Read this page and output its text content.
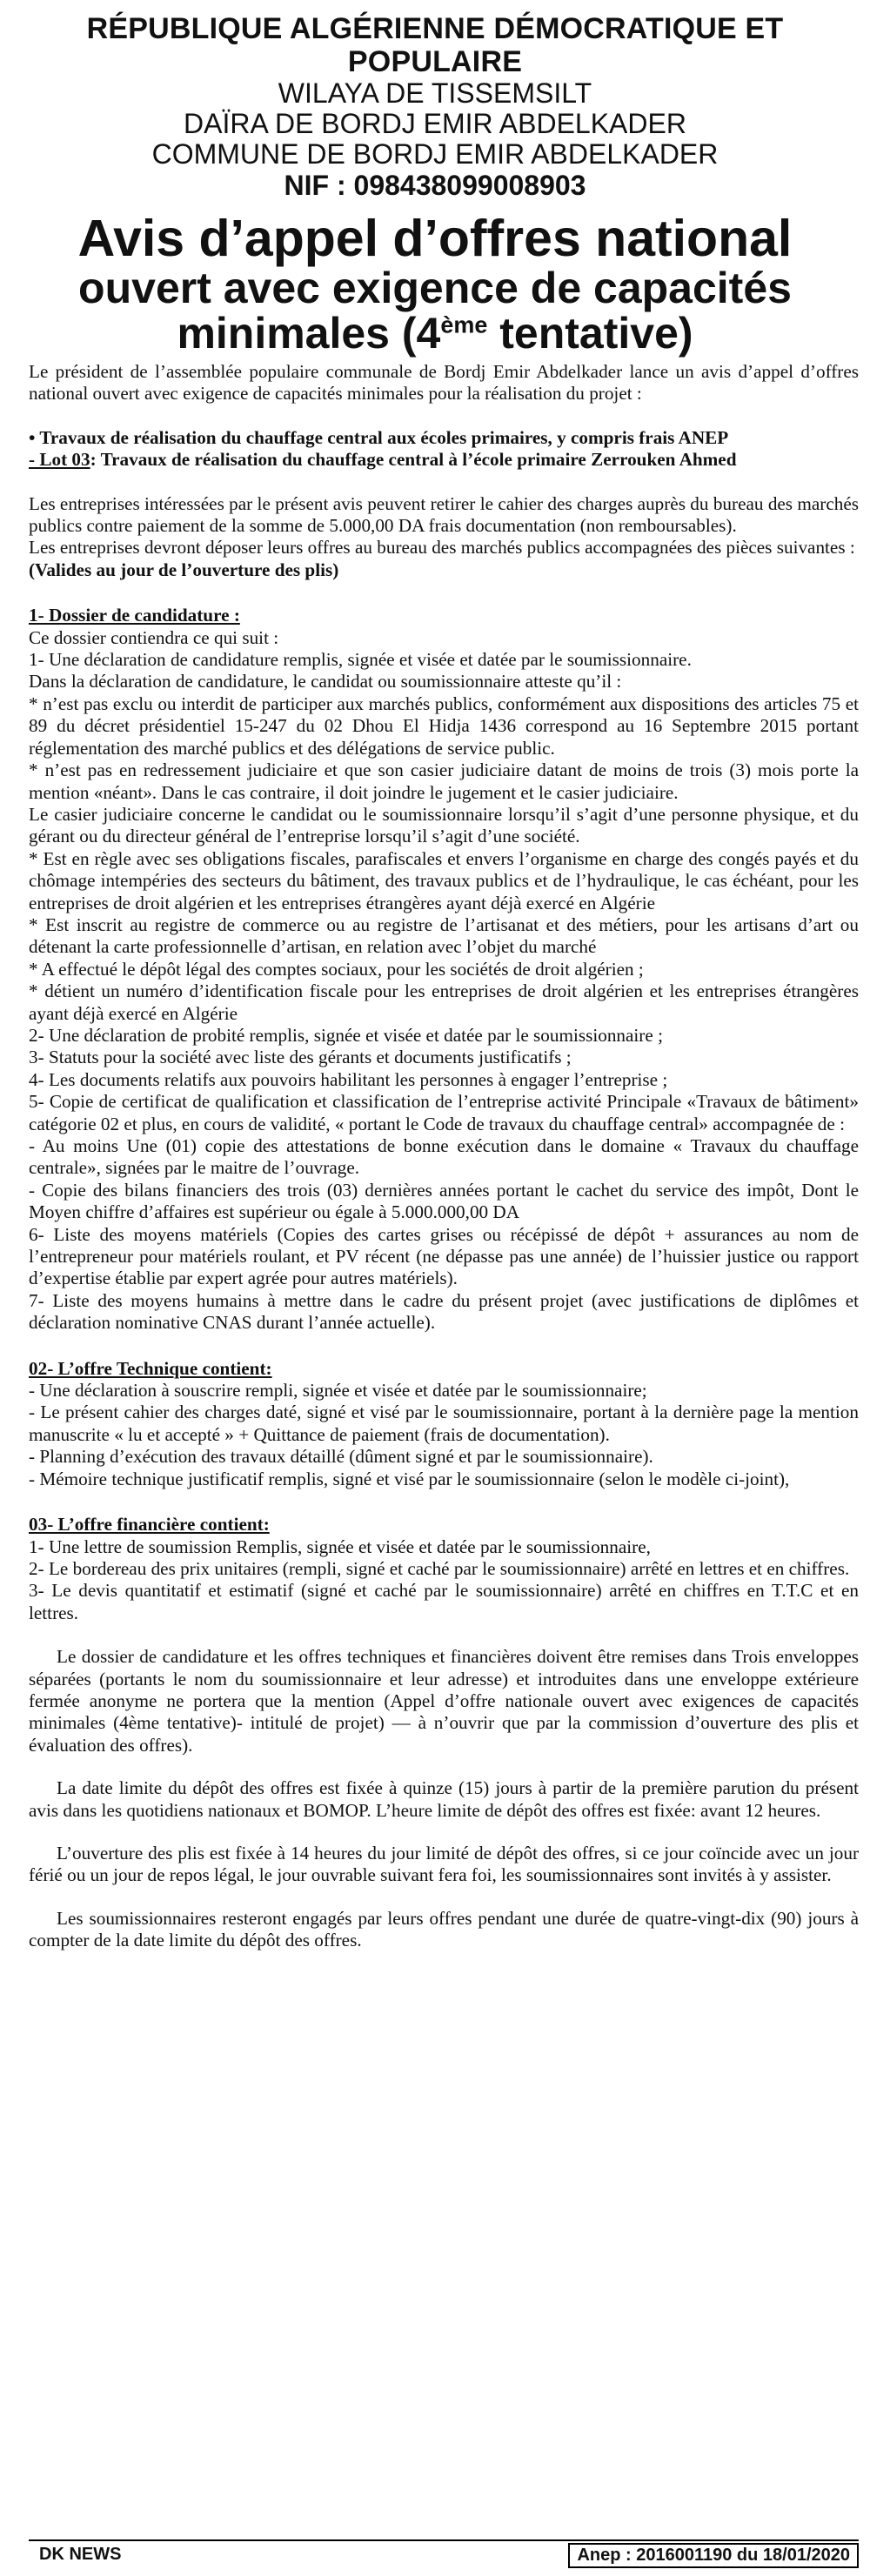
RÉPUBLIQUE ALGÉRIENNE DÉMOCRATIQUE ET POPULAIRE
WILAYA DE TISSEMSILT
DAÏRA DE BORDJ EMIR ABDELKADER
COMMUNE DE BORDJ EMIR ABDELKADER
NIF : 098438099008903
Avis d’appel d’offres national
ouvert avec exigence de capacités
minimales (4ème tentative)

Le président de l’assemblée populaire communale de Bordj Emir Abdelkader lance un avis d’appel d’offres national ouvert avec exigence de capacités minimales pour la réalisation du projet :

• Travaux de réalisation du chauffage central aux écoles primaires, y compris frais ANEP

- Lot 03: Travaux de réalisation du chauffage central à l’école primaire Zerrouken Ahmed

Les entreprises intéressées par le présent avis peuvent retirer le cahier des charges auprès du bureau des marchés publics contre paiement de la somme de 5.000,00 DA frais documentation (non remboursables).

Les entreprises devront déposer leurs offres au bureau des marchés publics accompagnées des pièces suivantes :

(Valides au jour de l’ouverture des plis)

1- Dossier de candidature :

Ce dossier contiendra ce qui suit :

1- Une déclaration de candidature remplis, signée et visée et datée par le soumissionnaire.

Dans la déclaration de candidature, le candidat ou soumissionnaire atteste qu’il :

* n’est pas exclu ou interdit de participer aux marchés publics, conformément aux dispositions des articles 75 et 89 du décret présidentiel 15-247 du 02 Dhou El Hidja 1436 correspond au 16 Septembre 2015 portant réglementation des marché publics et des délégations de service public.

* n’est pas en redressement judiciaire et que son casier judiciaire datant de moins de trois (3) mois porte la mention «néant». Dans le cas contraire, il doit joindre le jugement et le casier judiciaire.

Le casier judiciaire concerne le candidat ou le soumissionnaire lorsqu’il s’agit d’une personne physique, et du gérant ou du directeur général de l’entreprise lorsqu’il s’agit d’une société.

* Est en règle avec ses obligations fiscales, parafiscales et envers l’organisme en charge des congés payés et du chômage intempéries des secteurs du bâtiment, des travaux publics et de l’hydraulique, le cas échéant, pour les entreprises de droit algérien et les entreprises étrangères ayant déjà exercé en Algérie

* Est inscrit au registre de commerce ou au registre de l’artisanat et des métiers, pour les artisans d’art ou détenant la carte professionnelle d’artisan, en relation avec l’objet du marché

* A effectué le dépôt légal des comptes sociaux, pour les sociétés de droit algérien ;

* détient un numéro d’identification fiscale pour les entreprises de droit algérien et les entreprises étrangères ayant déjà exercé en Algérie

2- Une déclaration de probité remplis, signée et visée et datée par le soumissionnaire ;

3- Statuts pour la société avec liste des gérants et documents justificatifs ;

4- Les documents relatifs aux pouvoirs habilitant les personnes à engager l’entreprise ;

5- Copie de certificat de qualification et classification de l’entreprise activité Principale «Travaux de bâtiment» catégorie 02 et plus, en cours de validité, « portant le Code de travaux du chauffage central» accompagnée de :

- Au moins Une (01) copie des attestations de bonne exécution dans le domaine « Travaux du chauffage centrale», signées par le maitre de l’ouvrage.

- Copie des bilans financiers des trois (03) dernières années portant le cachet du service des impôt, Dont le Moyen chiffre d’affaires est supérieur ou égale à 5.000.000,00 DA

6- Liste des moyens matériels (Copies des cartes grises ou récépissé de dépôt + assurances au nom de l’entrepreneur pour matériels roulant, et PV récent (ne dépasse pas une année) de l’huissier justice ou rapport d’expertise établie par expert agrée pour autres matériels).

7- Liste des moyens humains à mettre dans le cadre du présent projet (avec justifications de diplômes et déclaration nominative CNAS durant l’année actuelle).

02- L’offre Technique contient:

- Une déclaration à souscrire rempli, signée et visée et datée par le soumissionnaire;

- Le présent cahier des charges daté, signé et visé par le soumissionnaire, portant à la dernière page la mention manuscrite « lu et accepté » + Quittance de paiement (frais de documentation).

- Planning d’exécution des travaux détaillé (dûment signé et par le soumissionnaire).

- Mémoire technique justificatif remplis, signé et visé par le soumissionnaire (selon le modèle ci-joint),

03- L’offre financière contient:

1- Une lettre de soumission Remplis, signée et visée et datée par le soumissionnaire,

2- Le bordereau des prix unitaires (rempli, signé et caché par le soumissionnaire) arrêté en lettres et en chiffres.

3- Le devis quantitatif et estimatif (signé et caché par le soumissionnaire) arrêté en chiffres en T.T.C et en lettres.

Le dossier de candidature et les offres techniques et financières doivent être remises dans Trois enveloppes séparées (portants le nom du soumissionnaire et leur adresse) et introduites dans une enveloppe extérieure fermée anonyme ne portera que la mention (Appel d’offre nationale ouvert avec exigences de capacités minimales (4ème tentative)- intitulé de projet) — à n’ouvrir que par la commission d’ouverture des plis et évaluation des offres).

La date limite du dépôt des offres est fixée à quinze (15) jours à partir de la première parution du présent avis dans les quotidiens nationaux et BOMOP. L’heure limite de dépôt des offres est fixée: avant 12 heures.

L’ouverture des plis est fixée à 14 heures du jour limité de dépôt des offres, si ce jour coïncide avec un jour férié ou un jour de repos légal, le jour ouvrable suivant fera foi, les soumissionnaires sont invités à y assister.

Les soumissionnaires resteront engagés par leurs offres pendant une durée de quatre-vingt-dix (90) jours à compter de la date limite du dépôt des offres.

DK NEWS	Anep : 2016001190 du 18/01/2020
